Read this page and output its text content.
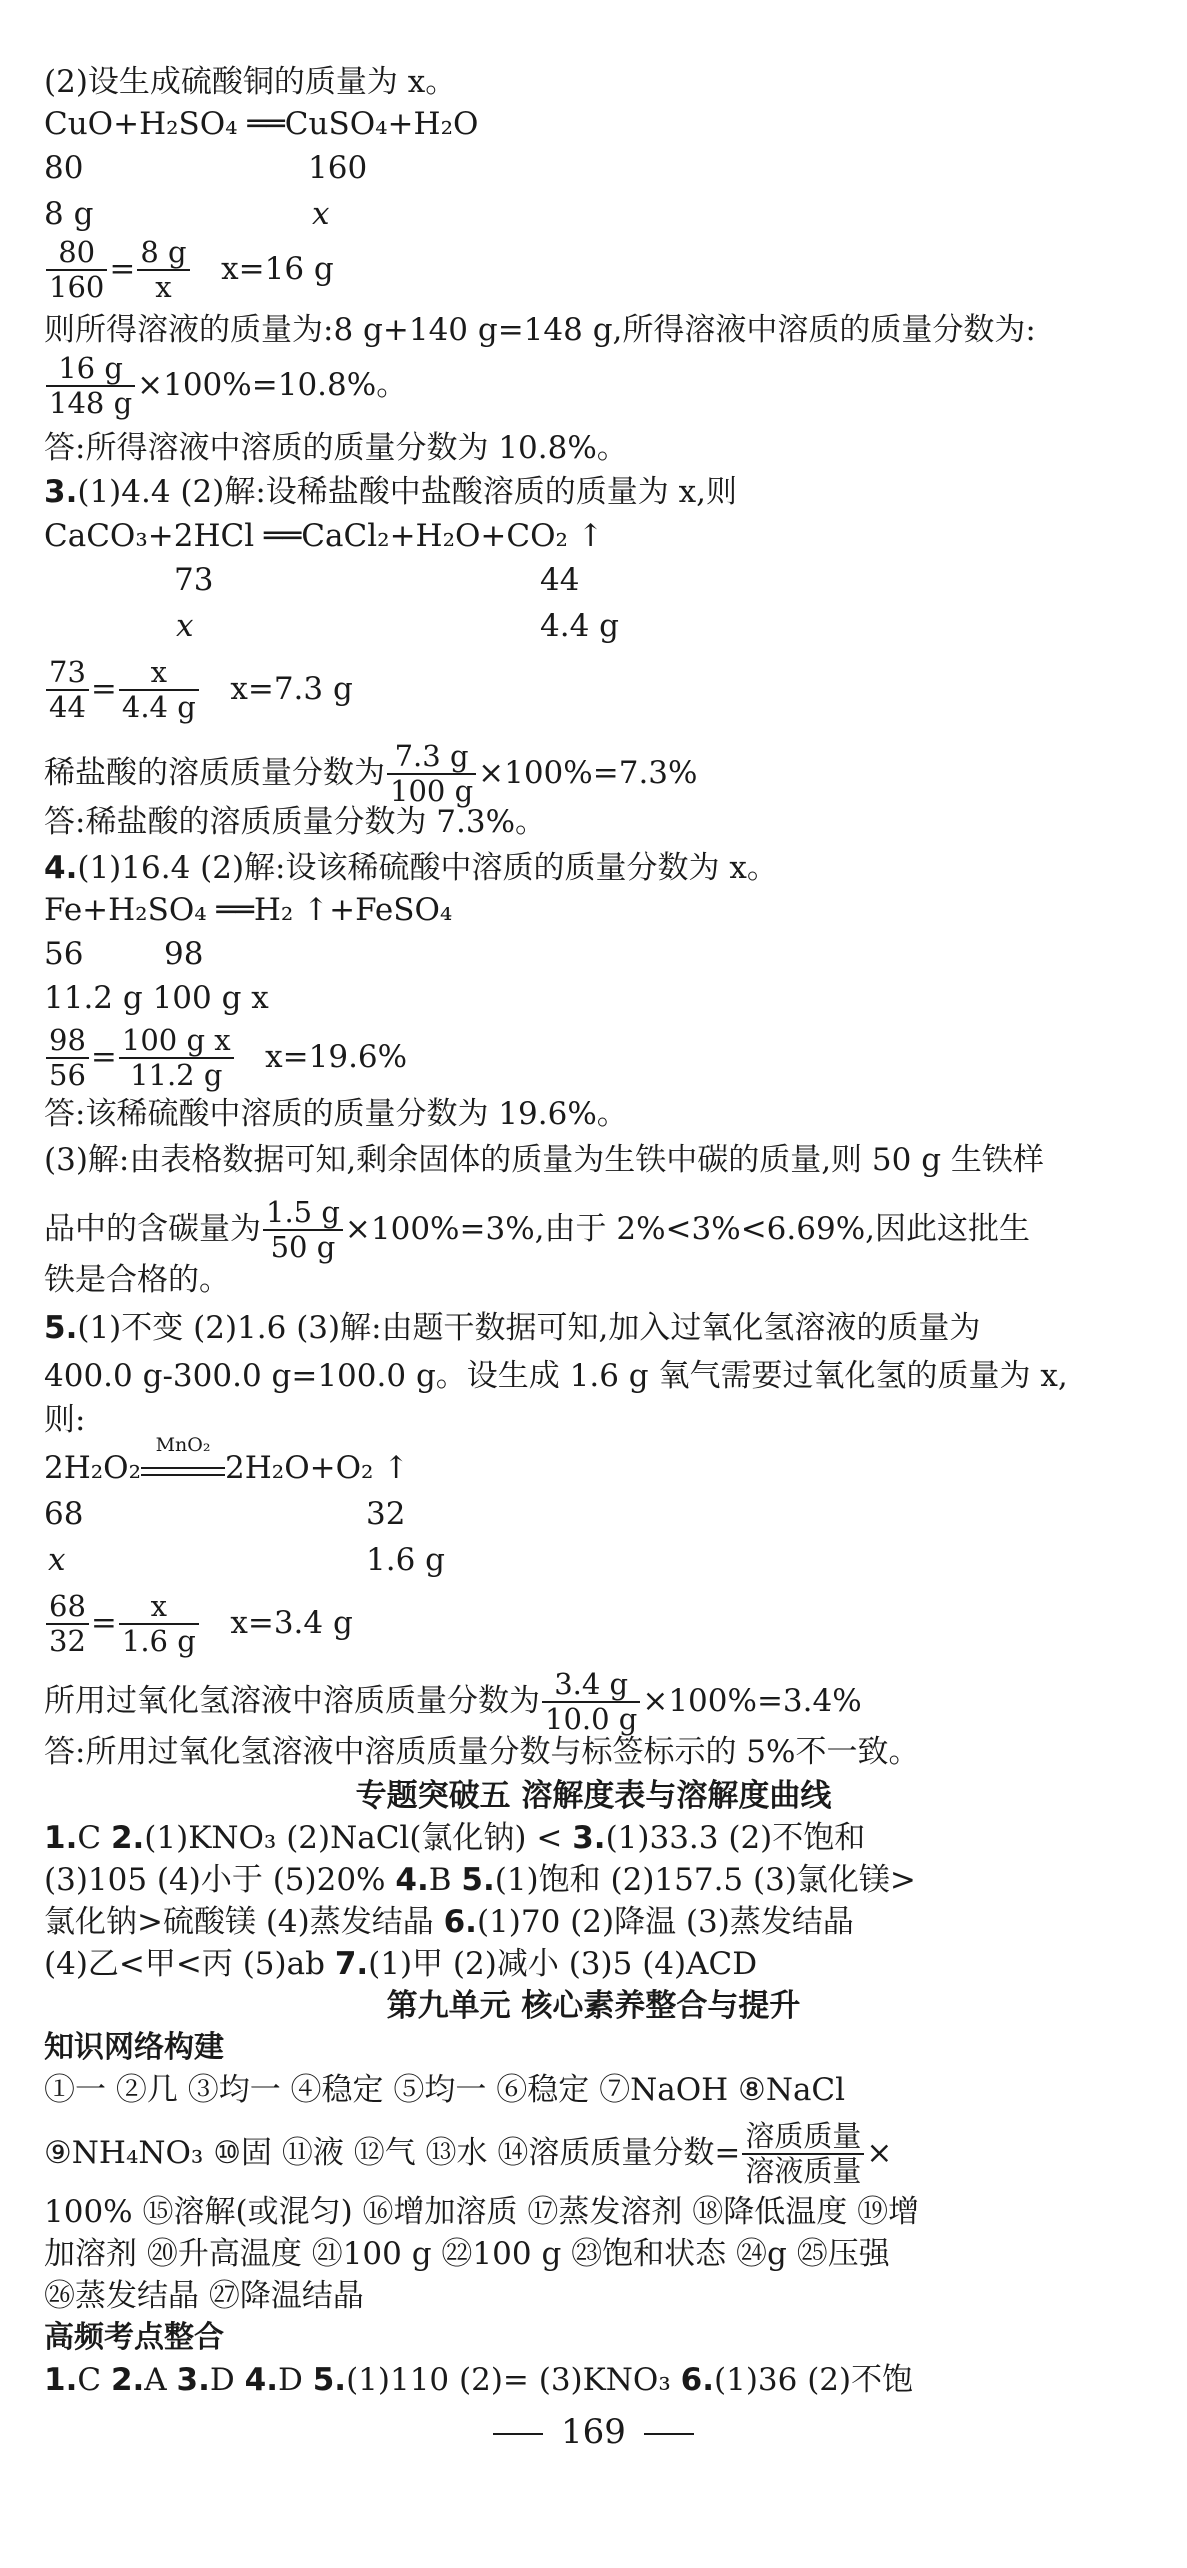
(2)设生成硫酸铜的质量为 x。
CuO+H₂SO₄ ══CuSO₄+H₂O
80	160
8 g	x
$\frac{80}{160} = \frac{8 g}{x} x=16$ g
则所得溶液的质量为:8 g+140 g=148 g,所得溶液中溶质的质量分数为:
$\frac{16 g}{148 g} \times 100\%=10.8\%$。
答:所得溶液中溶质的质量分数为 10.8%。
3.(1)4.4 (2)解:设稀盐酸中盐酸溶质的质量为 x,则
CaCO₃+2HCl ══CaCl₂+H₂O+CO₂ ↑
73	44
x	4.4 g
$\frac{73}{44} = \frac{x}{4.4 g} x=7.3$ g
稀盐酸的溶质质量分数为 $\frac{7.3 g}{100 g} \times 100\%=7.3\%$
答:稀盐酸的溶质质量分数为 7.3%。
4.(1)16.4 (2)解:设该稀硫酸中溶质的质量分数为 x。
Fe+H₂SO₄ ══H₂ ↑+FeSO₄
56	98
11.2 g 100 g x
$\frac{98}{56} = \frac{\text{100 g x}}{11.2 g} x=19.6\%$
答:该稀硫酸中溶质的质量分数为 19.6%。
(3)解:由表格数据可知,剩余固体的质量为生铁中碳的质量,则 50 g 生铁样
品中的含碳量为 $\frac{1.5 g}{50 g} \times 100\%=3\%$,由于 2%<3%<6.69%,因此这批生
铁是合格的。
5.(1)不变 (2)1.6 (3)解:由题干数据可知,加入过氧化氢溶液的质量为
400.0 g-300.0 g=100.0 g。设生成 1.6 g 氧气需要过氧化氢的质量为 x,
则:
2H₂O₂
MnO₂
2H₂O+O₂ ↑
68	32
x	1.6 g
$\frac{68}{32} = \frac{x}{1.6 g} x=3.4$ g
所用过氧化氢溶液中溶质质量分数为 $\frac{3.4 g}{10.0 g} \times 100\%=3.4\%$
答:所用过氧化氢溶液中溶质质量分数与标签标示的 5%不一致。
专题突破五 溶解度表与溶解度曲线
1.C 2.(1)KNO₃ (2)NaCl(氯化钠) < 3.(1)33.3 (2)不饱和
(3)105 (4)小于 (5)20% 4.B 5.(1)饱和 (2)157.5 (3)氯化镁>
氯化钠>硫酸镁 (4)蒸发结晶 6.(1)70 (2)降温 (3)蒸发结晶
(4)乙<甲<丙 (5)ab 7.(1)甲 (2)减小 (3)5 (4)ACD
第九单元 核心素养整合与提升
知识网络构建
①一 ②几 ③均一 ④稳定 ⑤均一 ⑥稳定 ⑦NaOH ⑧NaCl
⑨NH₄NO₃ ⑩固 ⑪液 ⑫气 ⑬水 ⑭溶质质量分数= $\frac{\text{溶质质量}}{\text{溶液质量}}$ ×
100% ⑮溶解(或混匀) ⑯增加溶质 ⑰蒸发溶剂 ⑱降低温度 ⑲增
加溶剂 ⑳升高温度 ㉑100 g ㉒100 g ㉓饱和状态 ㉔g ㉕压强
㉖蒸发结晶 ㉗降温结晶
高频考点整合
1.C 2.A 3.D 4.D 5.(1)110 (2)= (3)KNO₃ 6.(1)36 (2)不饱
169
